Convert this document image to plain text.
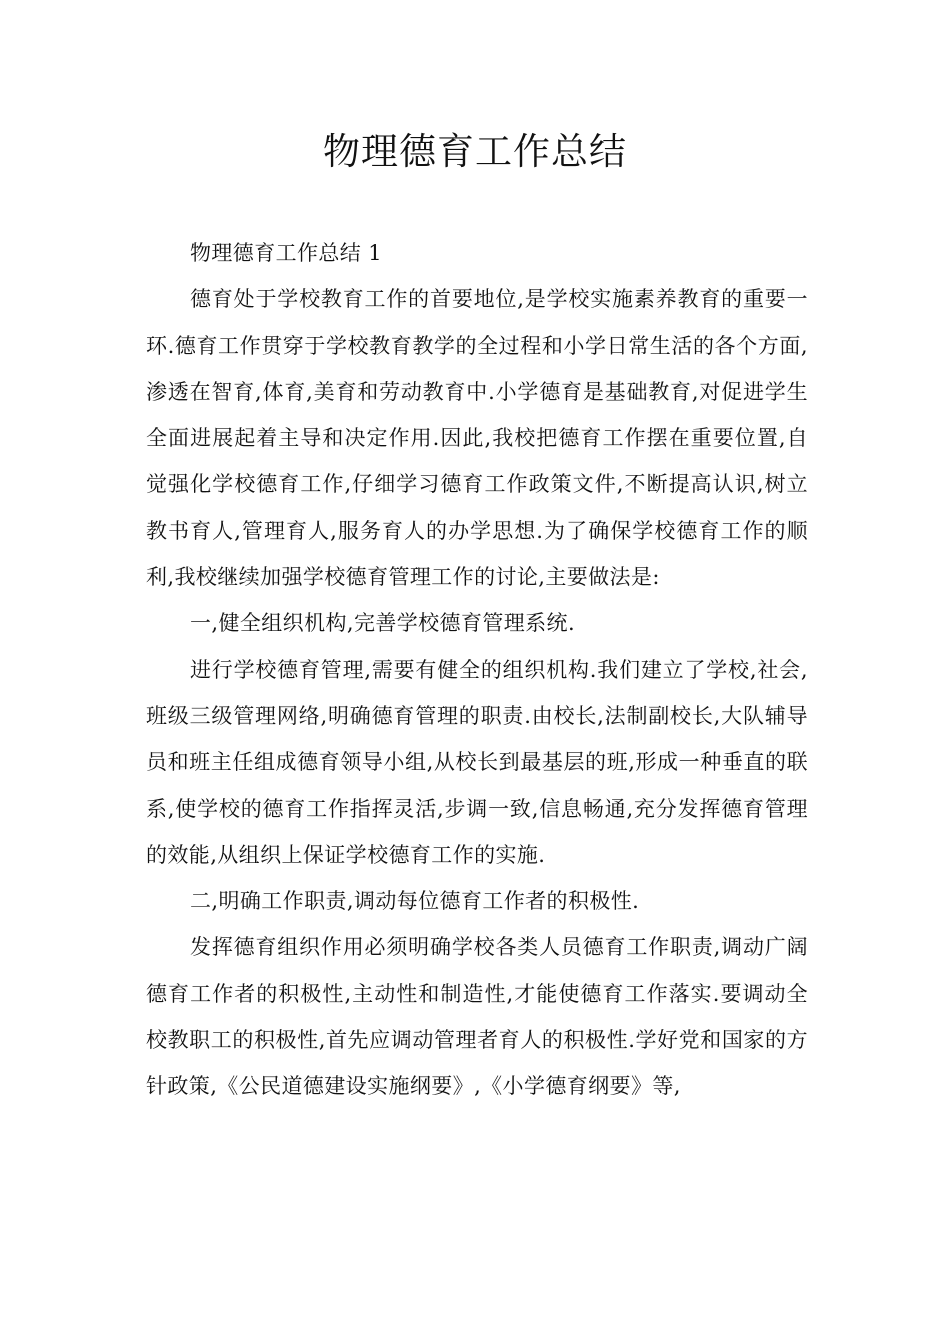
物理德育工作总结

物理德育工作总结 1

德育处于学校教育工作的首要地位,是学校实施素养教育的重要一环.德育工作贯穿于学校教育教学的全过程和小学日常生活的各个方面,渗透在智育,体育,美育和劳动教育中.小学德育是基础教育,对促进学生全面进展起着主导和决定作用.因此,我校把德育工作摆在重要位置,自觉强化学校德育工作,仔细学习德育工作政策文件,不断提高认识,树立教书育人,管理育人,服务育人的办学思想.为了确保学校德育工作的顺利,我校继续加强学校德育管理工作的讨论,主要做法是:

一,健全组织机构,完善学校德育管理系统.

进行学校德育管理,需要有健全的组织机构.我们建立了学校,社会,班级三级管理网络,明确德育管理的职责.由校长,法制副校长,大队辅导员和班主任组成德育领导小组,从校长到最基层的班,形成一种垂直的联系,使学校的德育工作指挥灵活,步调一致,信息畅通,充分发挥德育管理的效能,从组织上保证学校德育工作的实施.

二,明确工作职责,调动每位德育工作者的积极性.

发挥德育组织作用必须明确学校各类人员德育工作职责,调动广阔德育工作者的积极性,主动性和制造性,才能使德育工作落实.要调动全校教职工的积极性,首先应调动管理者育人的积极性.学好党和国家的方针政策,《公民道德建设实施纲要》,《小学德育纲要》等,
